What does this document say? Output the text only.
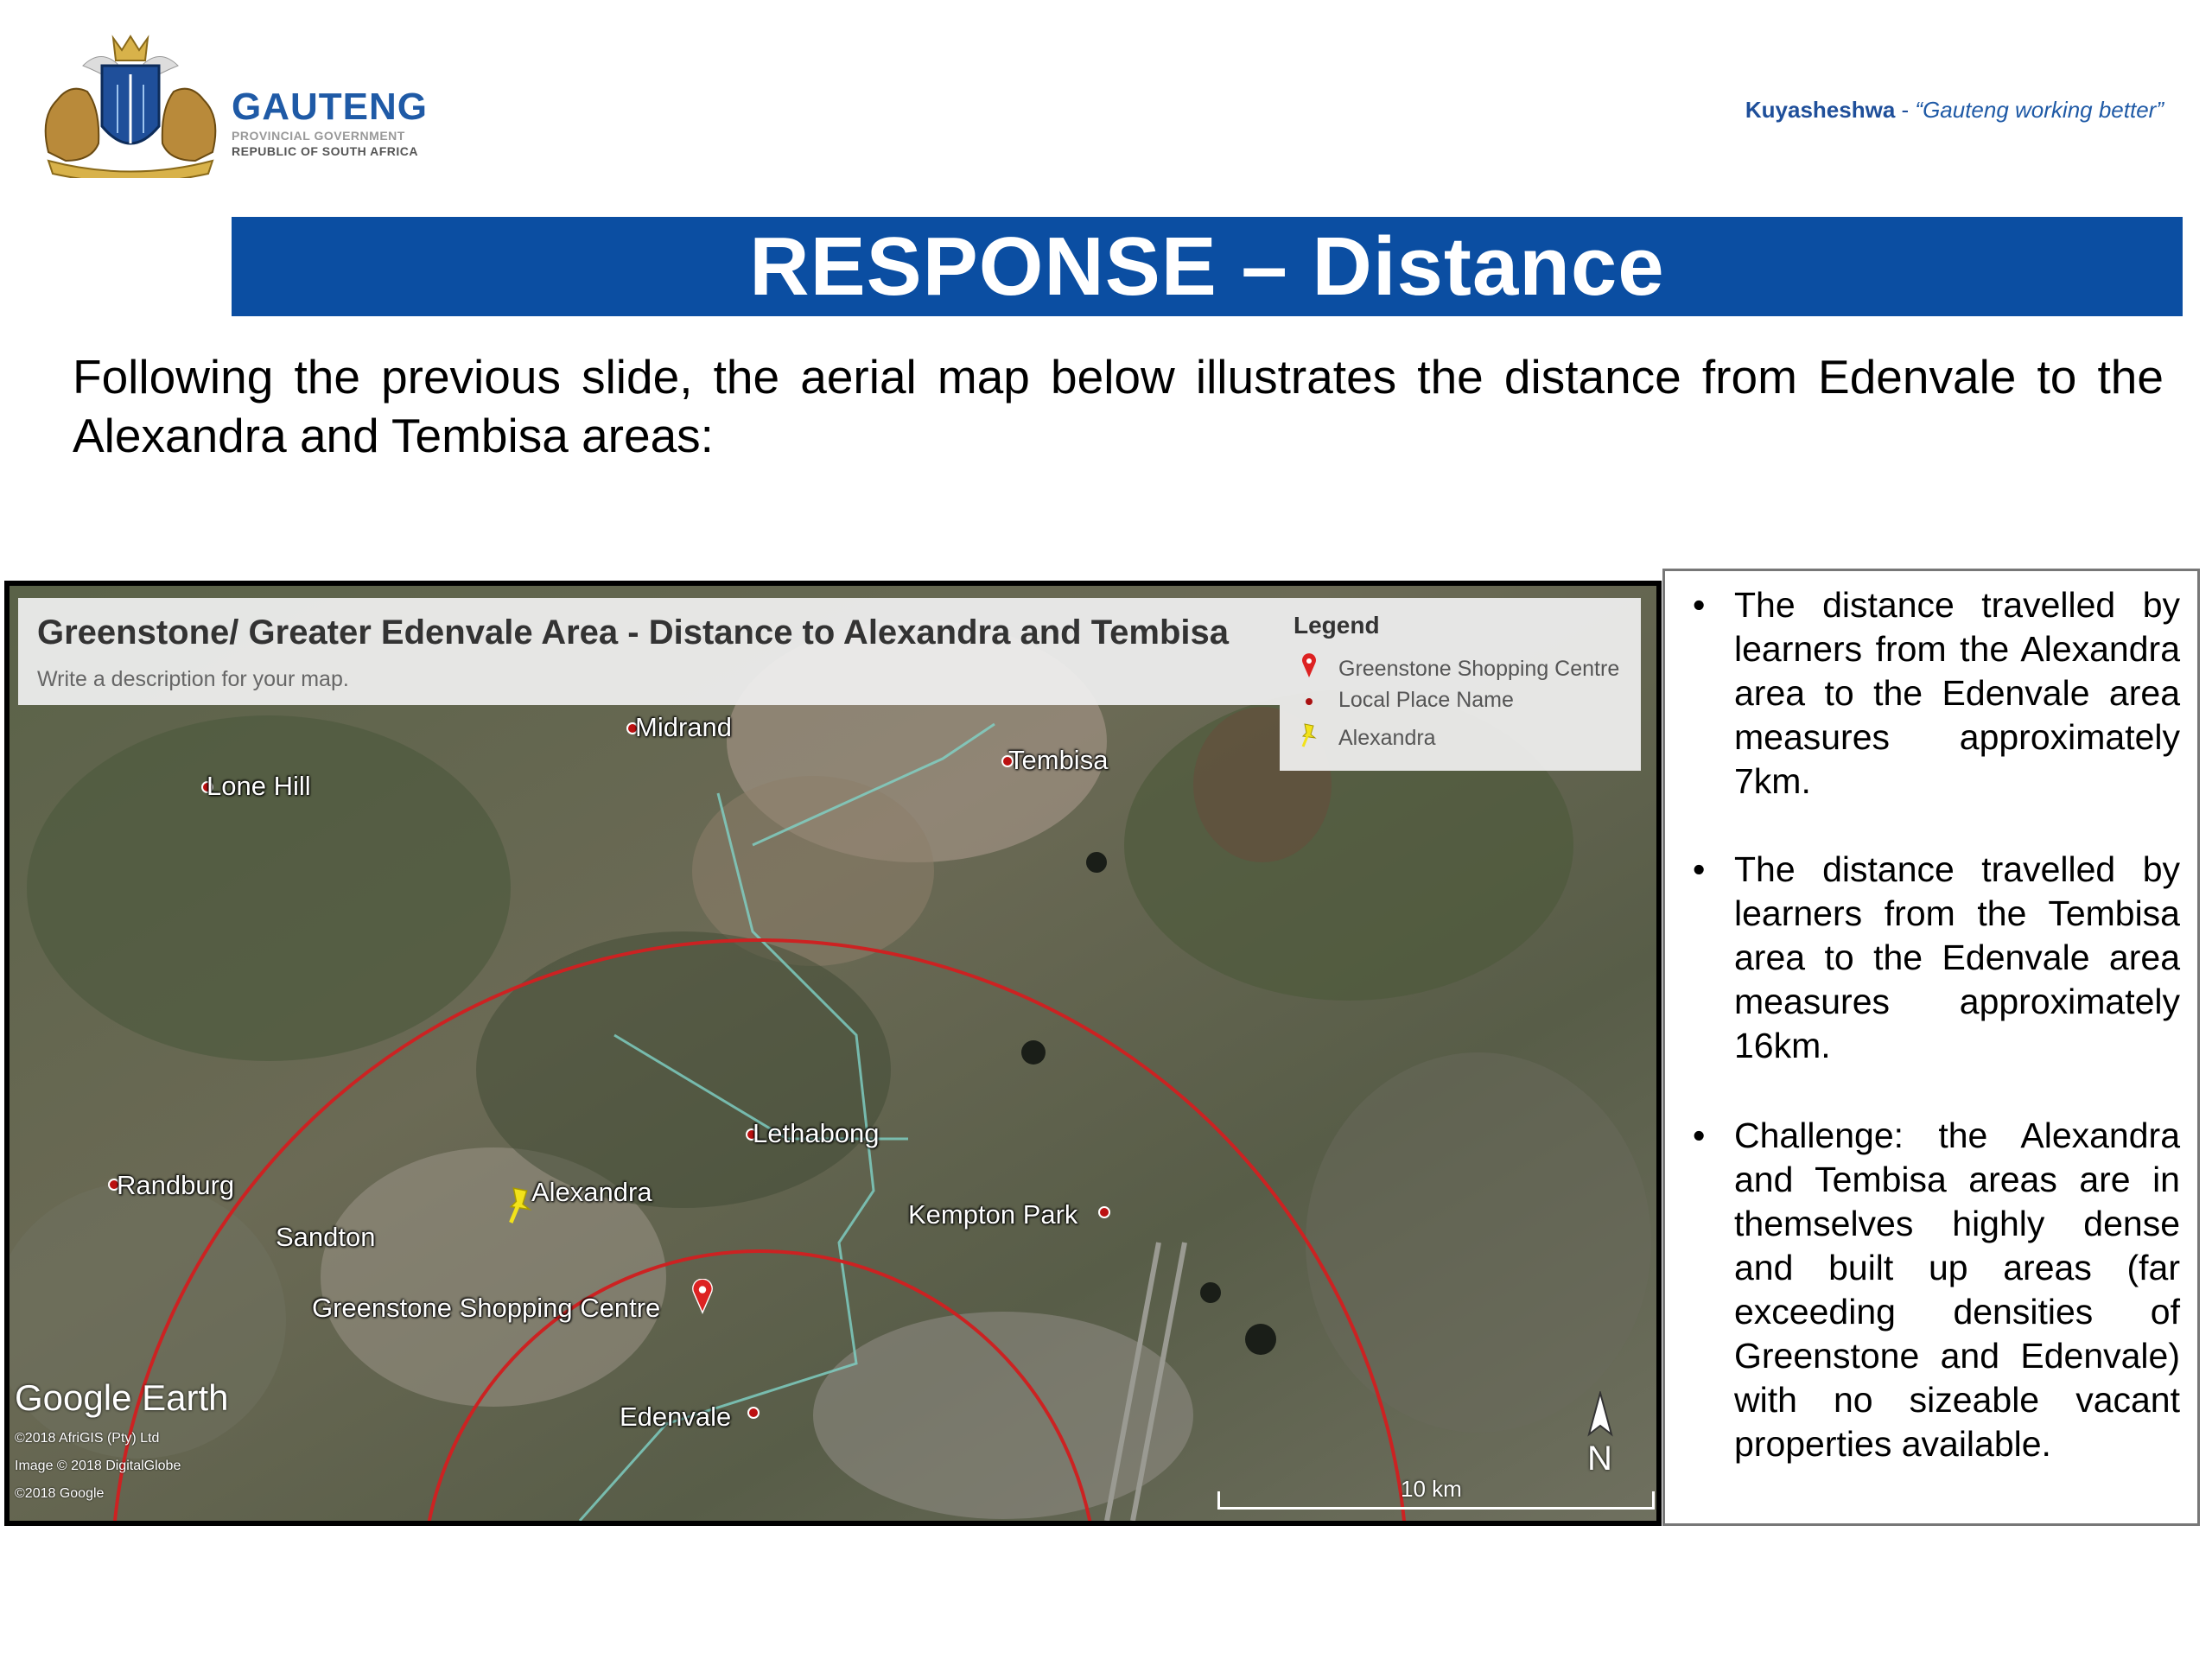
GAUTENG
PROVINCIAL GOVERNMENT
REPUBLIC OF SOUTH AFRICA
Kuyasheshwa - “Gauteng working better”
RESPONSE – Distance
Following the previous slide, the aerial map below illustrates the distance from Edenvale to the Alexandra and Tembisa areas:
Greenstone/ Greater Edenvale Area - Distance to Alexandra and Tembisa
Write a description for your map.
Legend
Greenstone Shopping Centre
Local Place Name
Alexandra
Midrand
Tembisa
Lone Hill
Lethabong
Randburg	Alexandra
Kempton Park
Sandton
Greenstone Shopping Centre
Edenvale
Google Earth
©2018 AfriGIS (Pty) Ltd
Image © 2018 DigitalGlobe
©2018 Google
N
10 km
• The distance travelled by learners from the Alexandra area to the Edenvale area measures approximately 7km.
• The distance travelled by learners from the Tembisa area to the Edenvale area measures approximately 16km.
• Challenge: the Alexandra and Tembisa areas are in themselves highly dense and built up areas (far exceeding densities of Greenstone and Edenvale) with no sizeable vacant properties available.
